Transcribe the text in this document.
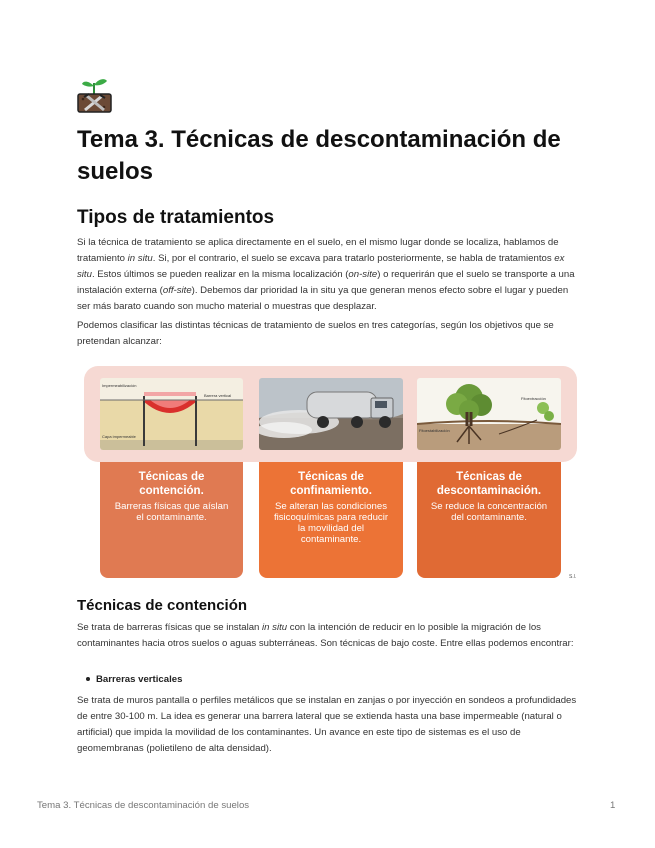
Tema 3. Técnicas de descontaminación de suelos
Tipos de tratamientos

Si la técnica de tratamiento se aplica directamente en el suelo, en el mismo lugar donde se localiza, hablamos de tratamiento in situ. Si, por el contrario, el suelo se excava para tratarlo posteriormente, se habla de tratamientos ex situ. Estos últimos se pueden realizar en la misma localización (on-site) o requerirán que el suelo se transporte a una instalación externa (off-site). Debemos dar prioridad la in situ ya que generan menos efecto sobre el lugar y pueden ser más barato cuando son mucho material o muestras que desplazar.

Podemos clasificar las distintas técnicas de tratamiento de suelos en tres categorías, según los objetivos que se pretendan alcanzar:

Impermeabilización
Barrera vertical
Capa impermeable
Fitoextracción
Fitoestabilización
Técnicas de contención.
Barreras físicas que aíslan el contaminante.
Técnicas de confinamiento.
Se alteran las condiciones fisicoquímicas para reducir la movilidad del contaminante.
Técnicas de descontaminación.
Se reduce la concentración del contaminante.
S.l.
Técnicas de contención

Se trata de barreras físicas que se instalan in situ con la intención de reducir en lo posible la migración de los contaminantes hacia otros suelos o aguas subterráneas. Son técnicas de bajo coste. Entre ellas podemos encontrar:

Barreras verticales

Se trata de muros pantalla o perfiles metálicos que se instalan en zanjas o por inyección en sondeos a profundidades de entre 30-100 m. La idea es generar una barrera lateral que se extienda hasta una base impermeable (natural o artificial) que impida la movilidad de los contaminantes. Un avance en este tipo de sistemas es el uso de geomembranas (polietileno de alta densidad).

Tema 3. Técnicas de descontaminación de suelos	1
